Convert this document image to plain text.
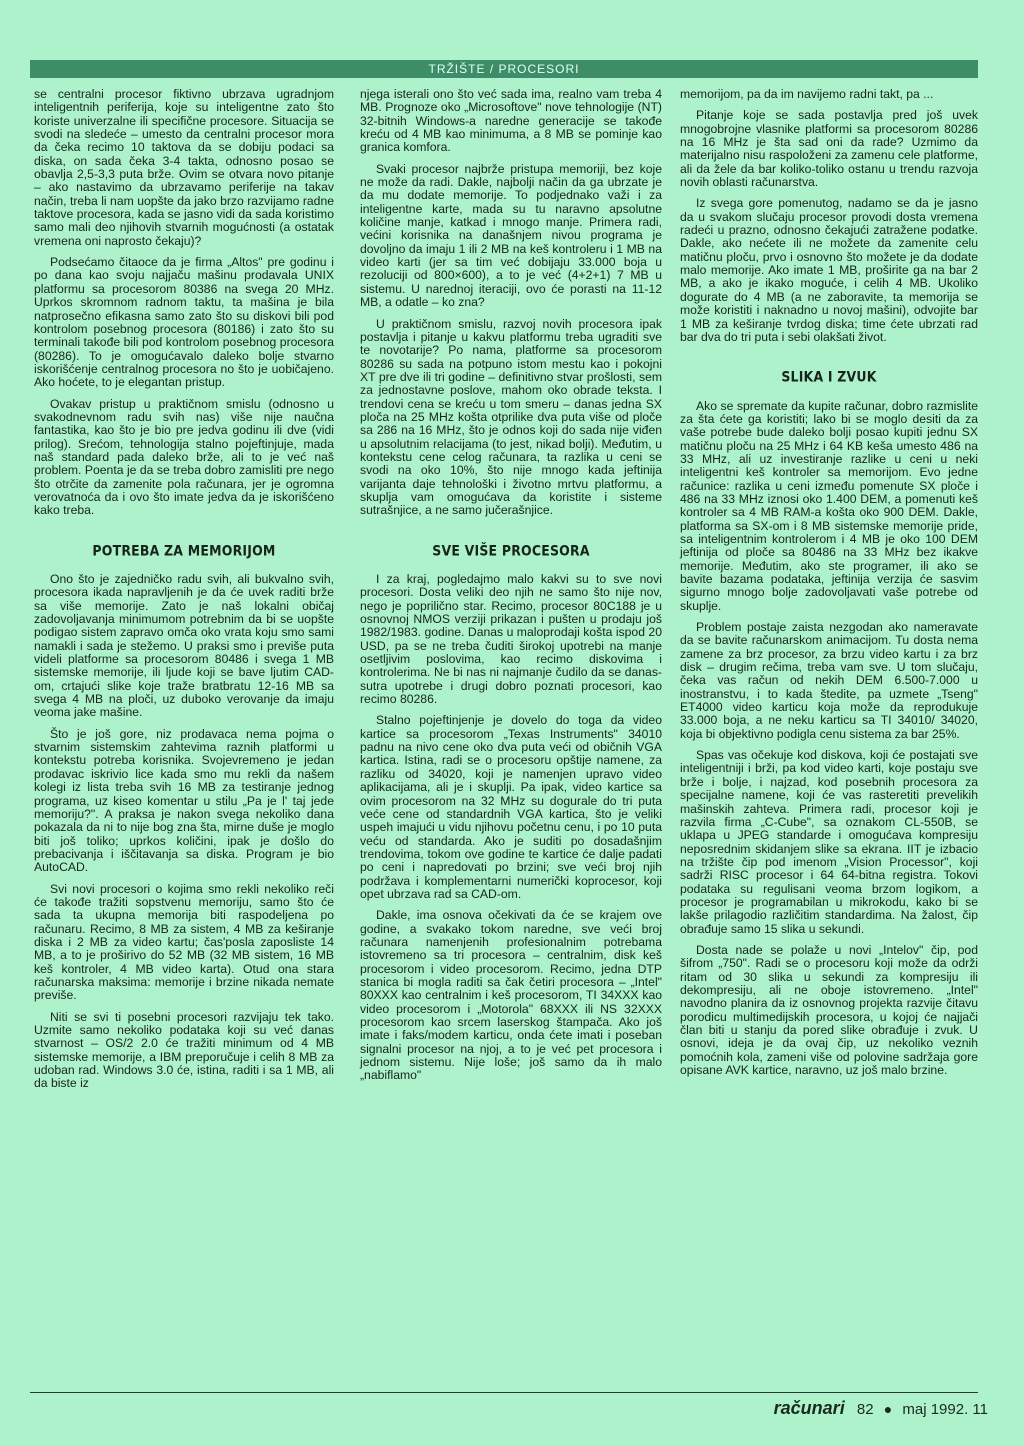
TRŽIŠTE / PROCESORI

se centralni procesor fiktivno ubrzava ugradnjom inteligentnih periferija, koje su inteligentne zato što koriste univerzalne ili specifične procesore. Situacija se svodi na sledeće – umesto da centralni procesor mora da čeka recimo 10 taktova da se dobiju podaci sa diska, on sada čeka 3-4 takta, odnosno posao se obavlja 2,5-3,3 puta brže. Ovim se otvara novo pitanje – ako nastavimo da ubrzavamo periferije na takav način, treba li nam uopšte da jako brzo razvijamo radne taktove procesora, kada se jasno vidi da sada koristimo samo mali deo njihovih stvarnih mogućnosti (a ostatak vremena oni naprosto čekaju)?

Podsećamo čitaoce da je firma „Altos" pre godinu i po dana kao svoju najjaču mašinu prodavala UNIX platformu sa procesorom 80386 na svega 20 MHz. Uprkos skromnom radnom taktu, ta mašina je bila natprosečno efikasna samo zato što su diskovi bili pod kontrolom posebnog procesora (80186) i zato što su terminali takođe bili pod kontrolom posebnog procesora (80286). To je omogućavalo daleko bolje stvarno iskorišćenje centralnog procesora no što je uobičajeno. Ako hoćete, to je elegantan pristup.

Ovakav pristup u praktičnom smislu (odnosno u svakodnevnom radu svih nas) više nije naučna fantastika, kao što je bio pre jedva godinu ili dve (vidi prilog). Srećom, tehnologija stalno pojeftinjuje, mada naš standard pada daleko brže, ali to je već naš problem. Poenta je da se treba dobro zamisliti pre nego što otrčite da zamenite pola računara, jer je ogromna verovatnoća da i ovo što imate jedva da je iskorišćeno kako treba.

POTREBA ZA MEMORIJOM

Ono što je zajedničko radu svih, ali bukvalno svih, procesora ikada napravljenih je da će uvek raditi brže sa više memorije. Zato je naš lokalni običaj zadovoljavanja minimumom potrebnim da bi se uopšte podigao sistem zapravo omča oko vrata koju smo sami namakli i sada je stežemo. U praksi smo i previše puta videli platforme sa procesorom 80486 i svega 1 MB sistemske memorije, ili ljude koji se bave ljutim CAD-om, crtajući slike koje traže bratbratu 12-16 MB sa svega 4 MB na ploči, uz duboko verovanje da imaju veoma jake mašine.

Što je još gore, niz prodavaca nema pojma o stvarnim sistemskim zahtevima raznih platformi u kontekstu potreba korisnika. Svojevremeno je jedan prodavac iskrivio lice kada smo mu rekli da našem kolegi iz lista treba svih 16 MB za testiranje jednog programa, uz kiseo komentar u stilu „Pa je l' taj jede memoriju?". A praksa je nakon svega nekoliko dana pokazala da ni to nije bog zna šta, mirne duše je moglo biti još toliko; uprkos količini, ipak je došlo do prebacivanja i iščitavanja sa diska. Program je bio AutoCAD.

Svi novi procesori o kojima smo rekli nekoliko reči će takođe tražiti sopstvenu memoriju, samo što će sada ta ukupna memorija biti raspodeljena po računaru. Recimo, 8 MB za sistem, 4 MB za keširanje diska i 2 MB za video kartu; čas'posla zaposliste 14 MB, a to je proširivo do 52 MB (32 MB sistem, 16 MB keš kontroler, 4 MB video karta). Otud ona stara računarska maksima: memorije i brzine nikada nemate previše.

Niti se svi ti posebni procesori razvijaju tek tako. Uzmite samo nekoliko podataka koji su već danas stvarnost – OS/2 2.0 će tražiti minimum od 4 MB sistemske memorije, a IBM preporučuje i celih 8 MB za udoban rad. Windows 3.0 će, istina, raditi i sa 1 MB, ali da biste iz

njega isterali ono što već sada ima, realno vam treba 4 MB. Prognoze oko „Microsoftove" nove tehnologije (NT) 32-bitnih Windows-a naredne generacije se takođe kreću od 4 MB kao minimuma, a 8 MB se pominje kao granica komfora.

Svaki procesor najbrže pristupa memoriji, bez koje ne može da radi. Dakle, najbolji način da ga ubrzate je da mu dodate memorije. To podjednako važi i za inteligentne karte, mada su tu naravno apsolutne količine manje, katkad i mnogo manje. Primera radi, većini korisnika na današnjem nivou programa je dovoljno da imaju 1 ili 2 MB na keš kontroleru i 1 MB na video karti (jer sa tim već dobijaju 33.000 boja u rezoluciji od 800×600), a to je već (4+2+1) 7 MB u sistemu. U narednoj iteraciji, ovo će porasti na 11-12 MB, a odatle – ko zna?

U praktičnom smislu, razvoj novih procesora ipak postavlja i pitanje u kakvu platformu treba ugraditi sve te novotarije? Po nama, platforme sa procesorom 80286 su sada na potpuno istom mestu kao i pokojni XT pre dve ili tri godine – definitivno stvar prošlosti, sem za jednostavne poslove, mahom oko obrade teksta. I trendovi cena se kreću u tom smeru – danas jedna SX ploča na 25 MHz košta otprilike dva puta više od ploče sa 286 na 16 MHz, što je odnos koji do sada nije viđen u apsolutnim relacijama (to jest, nikad bolji). Međutim, u kontekstu cene celog računara, ta razlika u ceni se svodi na oko 10%, što nije mnogo kada jeftinija varijanta daje tehnološki i životno mrtvu platformu, a skuplja vam omogućava da koristite i sisteme sutrašnjice, a ne samo jučerašnjice.

SVE VIŠE PROCESORA

I za kraj, pogledajmo malo kakvi su to sve novi procesori. Dosta veliki deo njih ne samo što nije nov, nego je poprilično star. Recimo, procesor 80C188 je u osnovnoj NMOS verziji prikazan i pušten u prodaju još 1982/1983. godine. Danas u maloprodaji košta ispod 20 USD, pa se ne treba čuditi širokoj upotrebi na manje osetljivim poslovima, kao recimo diskovima i kontrolerima. Ne bi nas ni najmanje čudilo da se danas-sutra upotrebe i drugi dobro poznati procesori, kao recimo 80286.

Stalno pojeftinjenje je dovelo do toga da video kartice sa procesorom „Texas Instruments" 34010 padnu na nivo cene oko dva puta veći od običnih VGA kartica. Istina, radi se o procesoru opštije namene, za razliku od 34020, koji je namenjen upravo video aplikacijama, ali je i skuplji. Pa ipak, video kartice sa ovim procesorom na 32 MHz su dogurale do tri puta veće cene od standardnih VGA kartica, što je veliki uspeh imajući u vidu njihovu početnu cenu, i po 10 puta veću od standarda. Ako je suditi po dosadašnjim trendovima, tokom ove godine te kartice će dalje padati po ceni i napredovati po brzini; sve veći broj njih podržava i komplementarni numerički koprocesor, koji opet ubrzava rad sa CAD-om.

Dakle, ima osnova očekivati da će se krajem ove godine, a svakako tokom naredne, sve veći broj računara namenjenih profesionalnim potrebama istovremeno sa tri procesora – centralnim, disk keš procesorom i video procesorom. Recimo, jedna DTP stanica bi mogla raditi sa čak četiri procesora – „Intel" 80XXX kao centralnim i keš procesorom, TI 34XXX kao video procesorom i „Motorola" 68XXX ili NS 32XXX procesorom kao srcem laserskog štampača. Ako još imate i faks/modem karticu, onda ćete imati i poseban signalni procesor na njoj, a to je već pet procesora i jednom sistemu. Nije loše; još samo da ih malo „nabiflamo"

memorijom, pa da im navijemo radni takt, pa ...

Pitanje koje se sada postavlja pred još uvek mnogobrojne vlasnike platformi sa procesorom 80286 na 16 MHz je šta sad oni da rade? Uzmimo da materijalno nisu raspoloženi za zamenu cele platforme, ali da žele da bar koliko-toliko ostanu u trendu razvoja novih oblasti računarstva.

Iz svega gore pomenutog, nadamo se da je jasno da u svakom slučaju procesor provodi dosta vremena radeći u prazno, odnosno čekajući zatražene podatke. Dakle, ako nećete ili ne možete da zamenite celu matičnu ploču, prvo i osnovno što možete je da dodate malo memorije. Ako imate 1 MB, proširite ga na bar 2 MB, a ako je ikako moguće, i celih 4 MB. Ukoliko dogurate do 4 MB (a ne zaboravite, ta memorija se može koristiti i naknadno u novoj mašini), odvojite bar 1 MB za keširanje tvrdog diska; time ćete ubrzati rad bar dva do tri puta i sebi olakšati život.

SLIKA I ZVUK

Ako se spremate da kupite računar, dobro razmislite za šta ćete ga koristiti; lako bi se moglo desiti da za vaše potrebe bude daleko bolji posao kupiti jednu SX matičnu ploču na 25 MHz i 64 KB keša umesto 486 na 33 MHz, ali uz investiranje razlike u ceni u neki inteligentni keš kontroler sa memorijom. Evo jedne računice: razlika u ceni između pomenute SX ploče i 486 na 33 MHz iznosi oko 1.400 DEM, a pomenuti keš kontroler sa 4 MB RAM-a košta oko 900 DEM. Dakle, platforma sa SX-om i 8 MB sistemske memorije pride, sa inteligentnim kontrolerom i 4 MB je oko 100 DEM jeftinija od ploče sa 80486 na 33 MHz bez ikakve memorije. Međutim, ako ste programer, ili ako se bavite bazama podataka, jeftinija verzija će sasvim sigurno mnogo bolje zadovoljavati vaše potrebe od skuplje.

Problem postaje zaista nezgodan ako nameravate da se bavite računarskom animacijom. Tu dosta nema zamene za brz procesor, za brzu video kartu i za brz disk – drugim rečima, treba vam sve. U tom slučaju, čeka vas račun od nekih DEM 6.500-7.000 u inostranstvu, i to kada štedite, pa uzmete „Tseng" ET4000 video karticu koja može da reprodukuje 33.000 boja, a ne neku karticu sa TI 34010/ 34020, koja bi objektivno podigla cenu sistema za bar 25%.

Spas vas očekuje kod diskova, koji će postajati sve inteligentniji i brži, pa kod video karti, koje postaju sve brže i bolje, i najzad, kod posebnih procesora za specijalne namene, koji će vas rasteretiti prevelikih mašinskih zahteva. Primera radi, procesor koji je razvila firma „C-Cube", sa oznakom CL-550B, se uklapa u JPEG standarde i omogućava kompresiju neposrednim skidanjem slike sa ekrana. IIT je izbacio na tržište čip pod imenom „Vision Processor", koji sadrži RISC procesor i 64 64-bitna registra. Tokovi podataka su regulisani veoma brzom logikom, a procesor je programabilan u mikrokodu, kako bi se lakše prilagodio različitim standardima. Na žalost, čip obrađuje samo 15 slika u sekundi.

Dosta nade se polaže u novi „Intelov" čip, pod šifrom „750". Radi se o procesoru koji može da održi ritam od 30 slika u sekundi za kompresiju ili dekompresiju, ali ne oboje istovremeno. „Intel" navodno planira da iz osnovnog projekta razvije čitavu porodicu multimedijskih procesora, u kojoj će najjači član biti u stanju da pored slike obrađuje i zvuk. U osnovi, ideja je da ovaj čip, uz nekoliko veznih pomoćnih kola, zameni više od polovine sadržaja gore opisane AVK kartice, naravno, uz još malo brzine.

računari 82 ● maj 1992. 11
